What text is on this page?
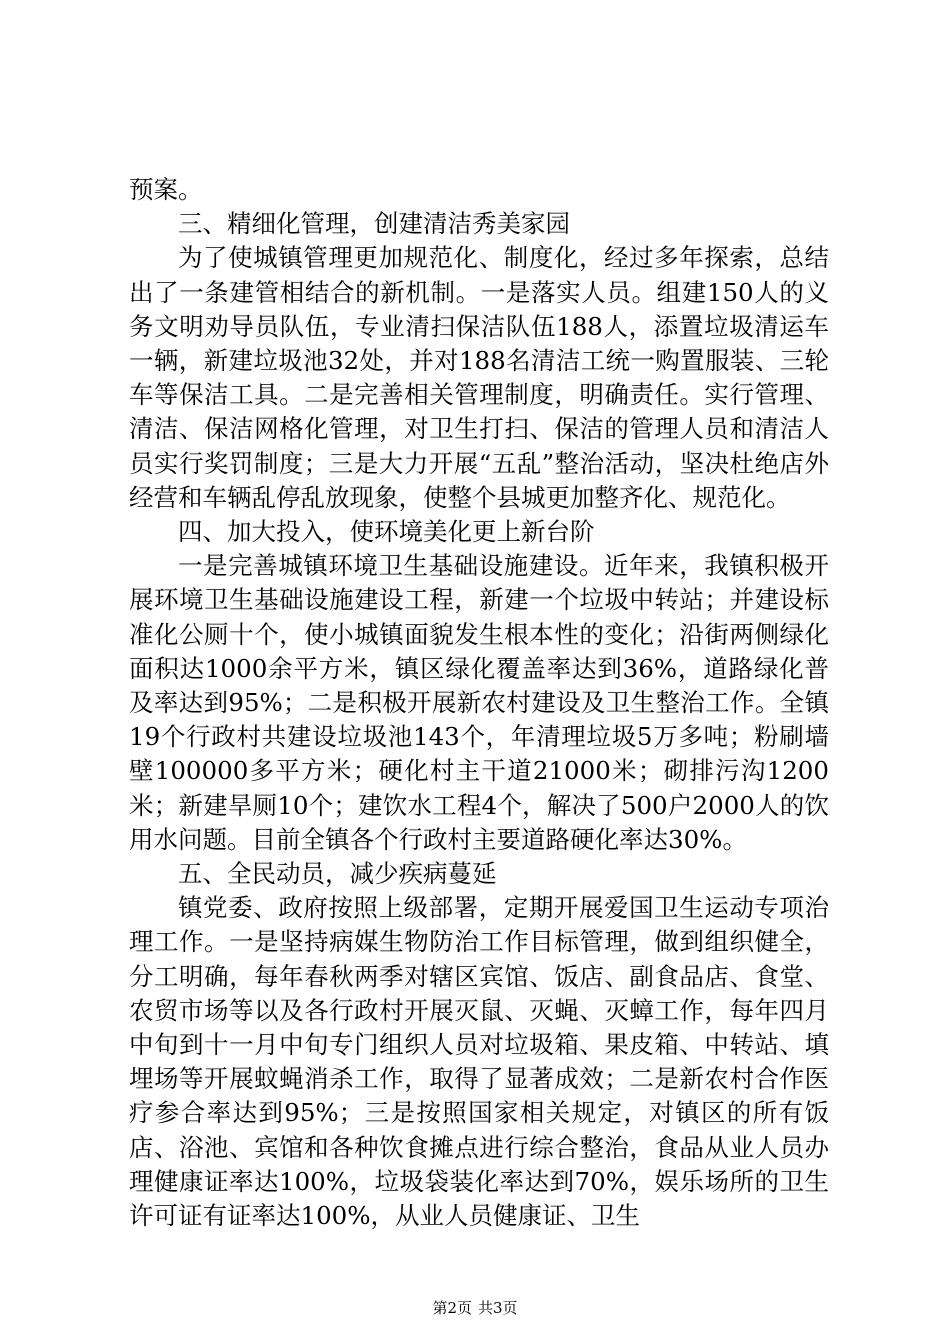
预案。

三、精细化管理，创建清洁秀美家园

为了使城镇管理更加规范化、制度化，经过多年探索，总结出了一条建管相结合的新机制。一是落实人员。组建150人的义务文明劝导员队伍，专业清扫保洁队伍188人，添置垃圾清运车一辆，新建垃圾池32处，并对188名清洁工统一购置服装、三轮车等保洁工具。二是完善相关管理制度，明确责任。实行管理、清洁、保洁网格化管理，对卫生打扫、保洁的管理人员和清洁人员实行奖罚制度；三是大力开展“五乱”整治活动，坚决杜绝店外经营和车辆乱停乱放现象，使整个县城更加整齐化、规范化。

四、加大投入，使环境美化更上新台阶

一是完善城镇环境卫生基础设施建设。近年来，我镇积极开展环境卫生基础设施建设工程，新建一个垃圾中转站；并建设标准化公厕十个，使小城镇面貌发生根本性的变化；沿街两侧绿化面积达1000余平方米，镇区绿化覆盖率达到36%，道路绿化普及率达到95%；二是积极开展新农村建设及卫生整治工作。全镇19个行政村共建设垃圾池143个，年清理垃圾5万多吨；粉刷墙壁100000多平方米；硬化村主干道21000米；砌排污沟1200米；新建旱厕10个；建饮水工程4个，解决了500户2000人的饮用水问题。目前全镇各个行政村主要道路硬化率达30%。

五、全民动员，减少疾病蔓延

镇党委、政府按照上级部署，定期开展爱国卫生运动专项治理工作。一是坚持病媒生物防治工作目标管理，做到组织健全，分工明确，每年春秋两季对辖区宾馆、饭店、副食品店、食堂、农贸市场等以及各行政村开展灭鼠、灭蝇、灭蟑工作，每年四月中旬到十一月中旬专门组织人员对垃圾箱、果皮箱、中转站、填埋场等开展蚊蝇消杀工作，取得了显著成效；二是新农村合作医疗参合率达到95%；三是按照国家相关规定，对镇区的所有饭店、浴池、宾馆和各种饮食摊点进行综合整治，食品从业人员办理健康证率达100%，垃圾袋装化率达到70%，娱乐场所的卫生许可证有证率达100%，从业人员健康证、卫生

第2页 共3页
